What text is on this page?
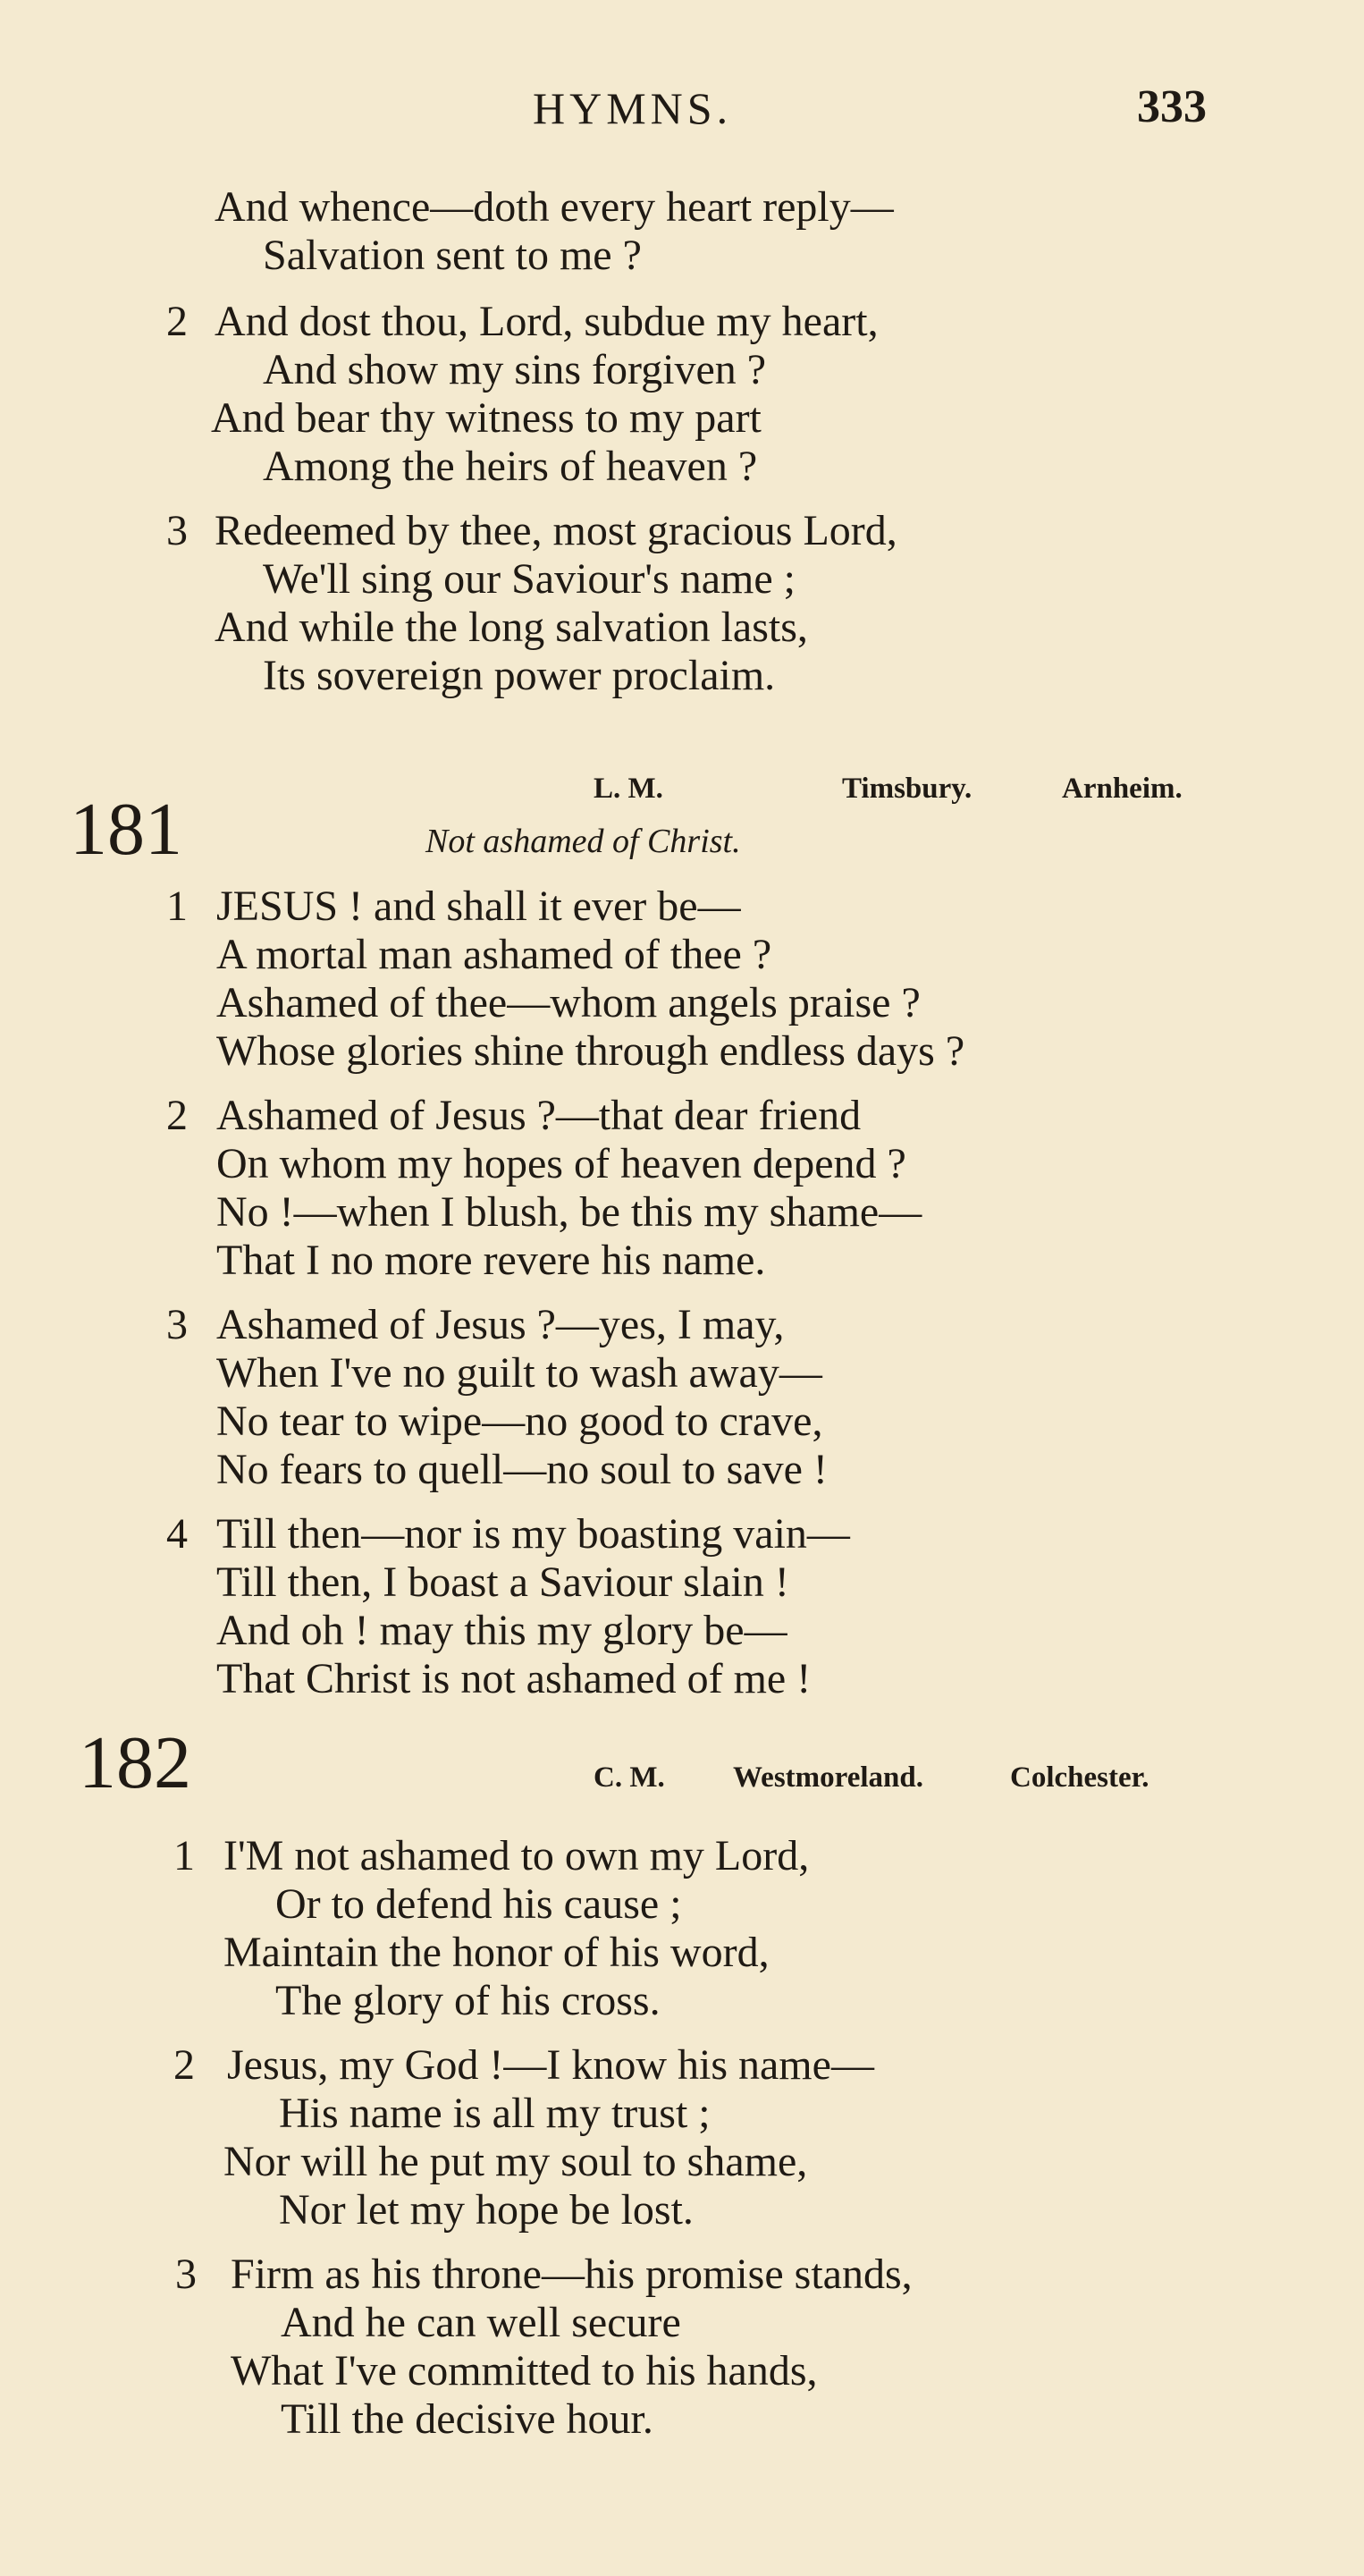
HYMNS.	333
And whence—doth every heart reply—
Salvation sent to me ?
2 And dost thou, Lord, subdue my heart,
And show my sins forgiven ?
And bear thy witness to my part
Among the heirs of heaven ?
3 Redeemed by thee, most gracious Lord,
We'll sing our Saviour's name ;
And while the long salvation lasts,
Its sovereign power proclaim.
181	L. M.	Timsbury.	Arnheim.
Not ashamed of Christ.
1 JESUS ! and shall it ever be—
A mortal man ashamed of thee ?
Ashamed of thee—whom angels praise ?
Whose glories shine through endless days ?
2 Ashamed of Jesus ?—that dear friend
On whom my hopes of heaven depend ?
No !—when I blush, be this my shame—
That I no more revere his name.
3 Ashamed of Jesus ?—yes, I may,
When I've no guilt to wash away—
No tear to wipe—no good to crave,
No fears to quell—no soul to save !
4 Till then—nor is my boasting vain—
Till then, I boast a Saviour slain !
And oh ! may this my glory be—
That Christ is not ashamed of me !
182	C. M. Westmoreland.	Colchester.
1 I'M not ashamed to own my Lord,
Or to defend his cause ;
Maintain the honor of his word,
The glory of his cross.
2 Jesus, my God !—I know his name—
His name is all my trust ;
Nor will he put my soul to shame,
Nor let my hope be lost.
3 Firm as his throne—his promise stands,
And he can well secure
What I've committed to his hands,
Till the decisive hour.
